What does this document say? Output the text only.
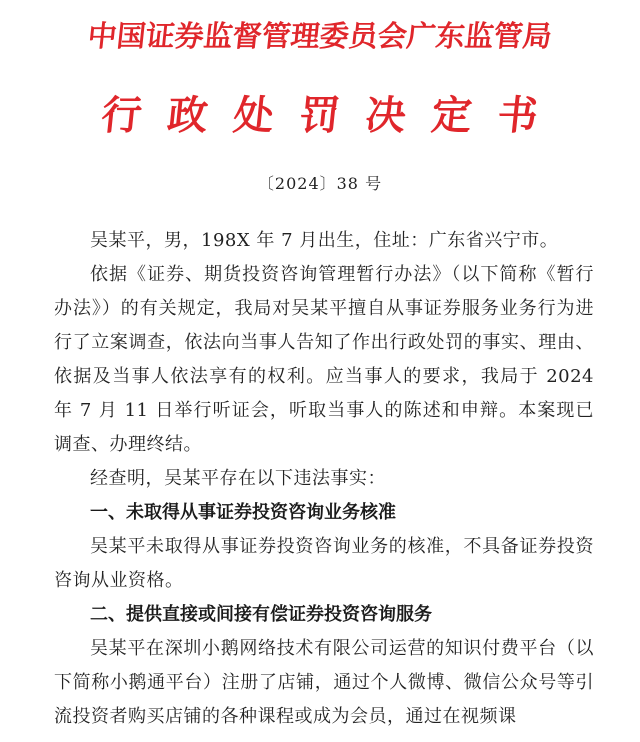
中国证券监督管理委员会广东监管局
行政处罚决定书
〔2024〕38 号

吴某平，男，198X 年 7 月出生，住址：广东省兴宁市。

依据《证券、期货投资咨询管理暂行办法》（以下简称《暂行办法》）的有关规定，我局对吴某平擅自从事证券服务业务行为进行了立案调查，依法向当事人告知了作出行政处罚的事实、理由、依据及当事人依法享有的权利。应当事人的要求，我局于 2024 年 7 月 11 日举行听证会，听取当事人的陈述和申辩。本案现已调查、办理终结。

经查明，吴某平存在以下违法事实：

一、未取得从事证券投资咨询业务核准

吴某平未取得从事证券投资咨询业务的核准，不具备证券投资咨询从业资格。

二、提供直接或间接有偿证券投资咨询服务

吴某平在深圳小鹅网络技术有限公司运营的知识付费平台（以下简称小鹅通平台）注册了店铺，通过个人微博、微信公众号等引流投资者购买店铺的各种课程或成为会员，通过在视频课
